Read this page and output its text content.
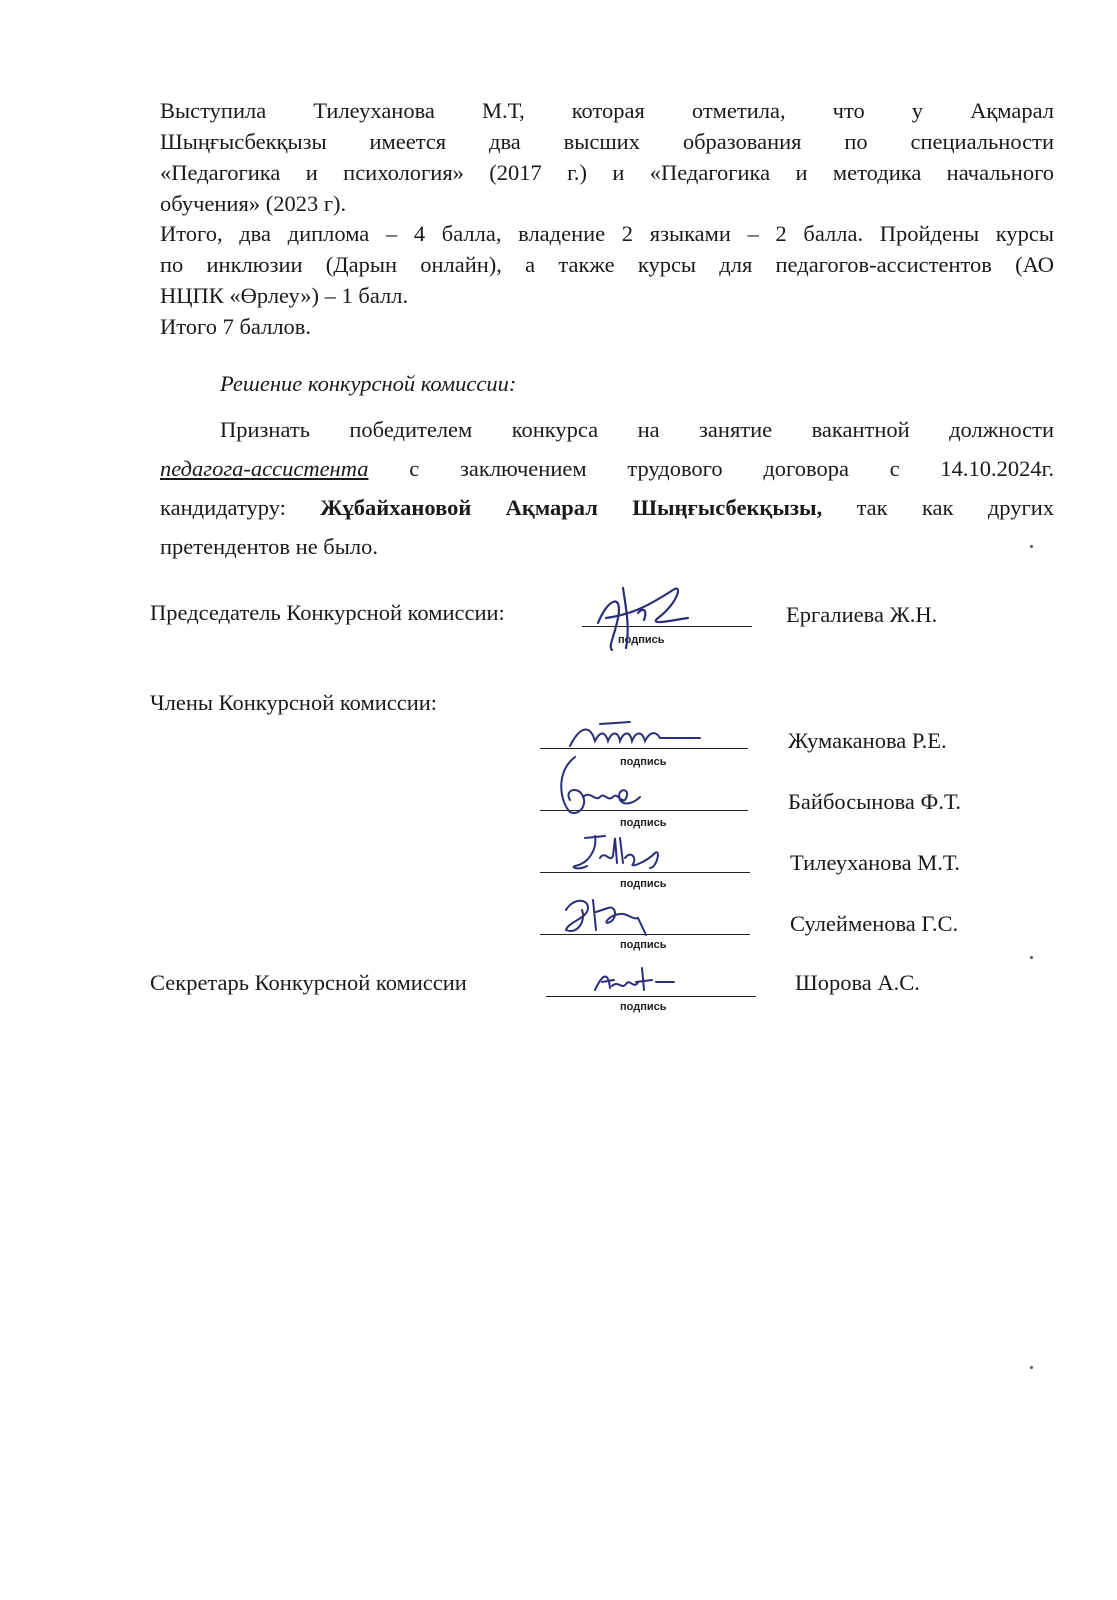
Выступила Тилеуханова М.Т, которая отметила, что у Ақмарал
Шыңғысбекқызы имеется два высших образования по специальности
«Педагогика и психология» (2017 г.) и «Педагогика и методика начального
обучения» (2023 г).
Итого, два диплома – 4 балла, владение 2 языками – 2 балла. Пройдены курсы
по инклюзии (Дарын онлайн), а также курсы для педагогов-ассистентов (АО
НЦПК «Өрлеу») – 1 балл.
Итого 7 баллов.
Решение конкурсной комиссии:
Признать победителем конкурса на занятие вакантной должности
педагога-ассистента с заключением трудового договора с 14.10.2024г.
кандидатуру: Жұбайхановой Ақмарал Шыңғысбекқызы, так как других
претендентов не было.
Председатель Конкурсной комиссии:
подпись
Ергалиева Ж.Н.
Члены Конкурсной комиссии:
подпись
Жумаканова Р.Е.
подпись
Байбосынова Ф.Т.
подпись
Тилеуханова М.Т.
подпись
Сулейменова Г.С.
Секретарь Конкурсной комиссии
подпись
Шорова А.С.
